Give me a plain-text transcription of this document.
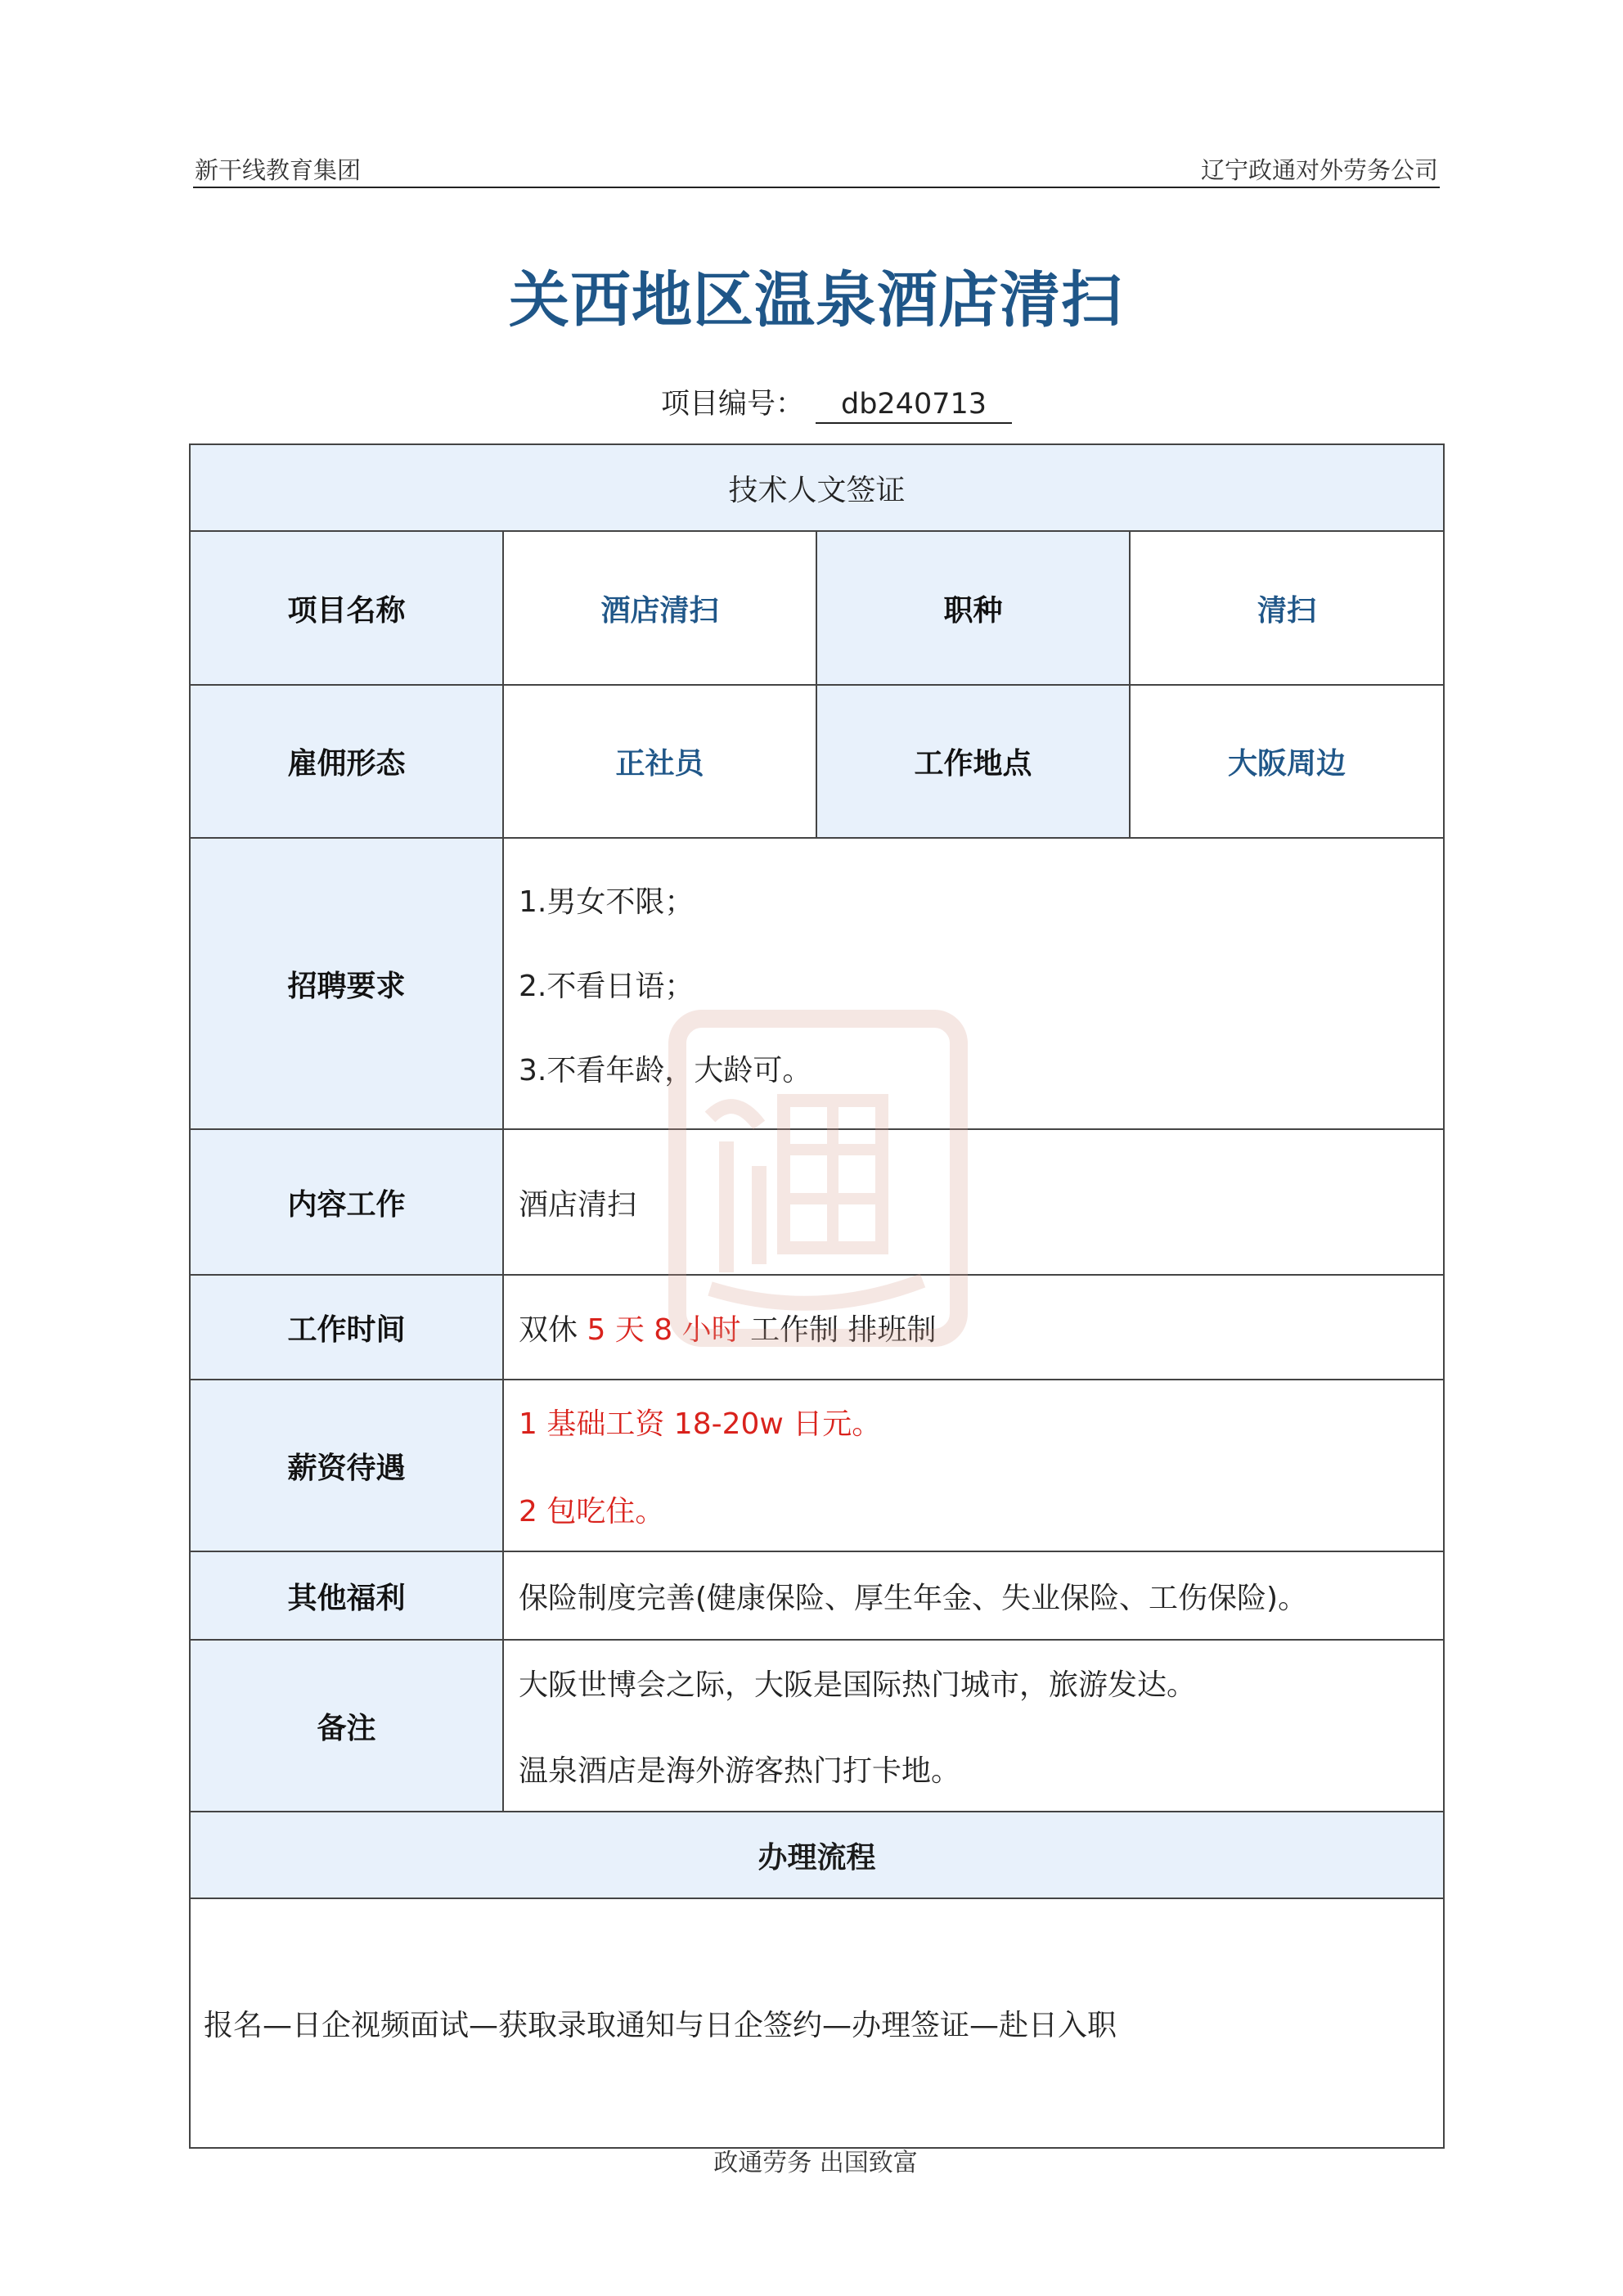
新干线教育集团	辽宁政通对外劳务公司
关西地区温泉酒店清扫
项目编号： db240713
技术人文签证			
项目名称	酒店清扫	职种	清扫
雇佣形态	正社员	工作地点	大阪周边
招聘要求	1.男女不限；

2.不看日语；

3.不看年龄，大龄可。		

内容工作	酒店清扫		
工作时间	双休 5 天 8 小时 工作制 排班制		
薪资待遇	1 基础工资 18-20w 日元。

2 包吃住。		

其他福利	保险制度完善(健康保险、厚生年金、失业保险、工伤保险)。		
备注	大阪世博会之际，大阪是国际热门城市，旅游发达。

温泉酒店是海外游客热门打卡地。		

办理流程			
报名—日企视频面试—获取录取通知与日企签约—办理签证—赴日入职			
政通劳务 出国致富
